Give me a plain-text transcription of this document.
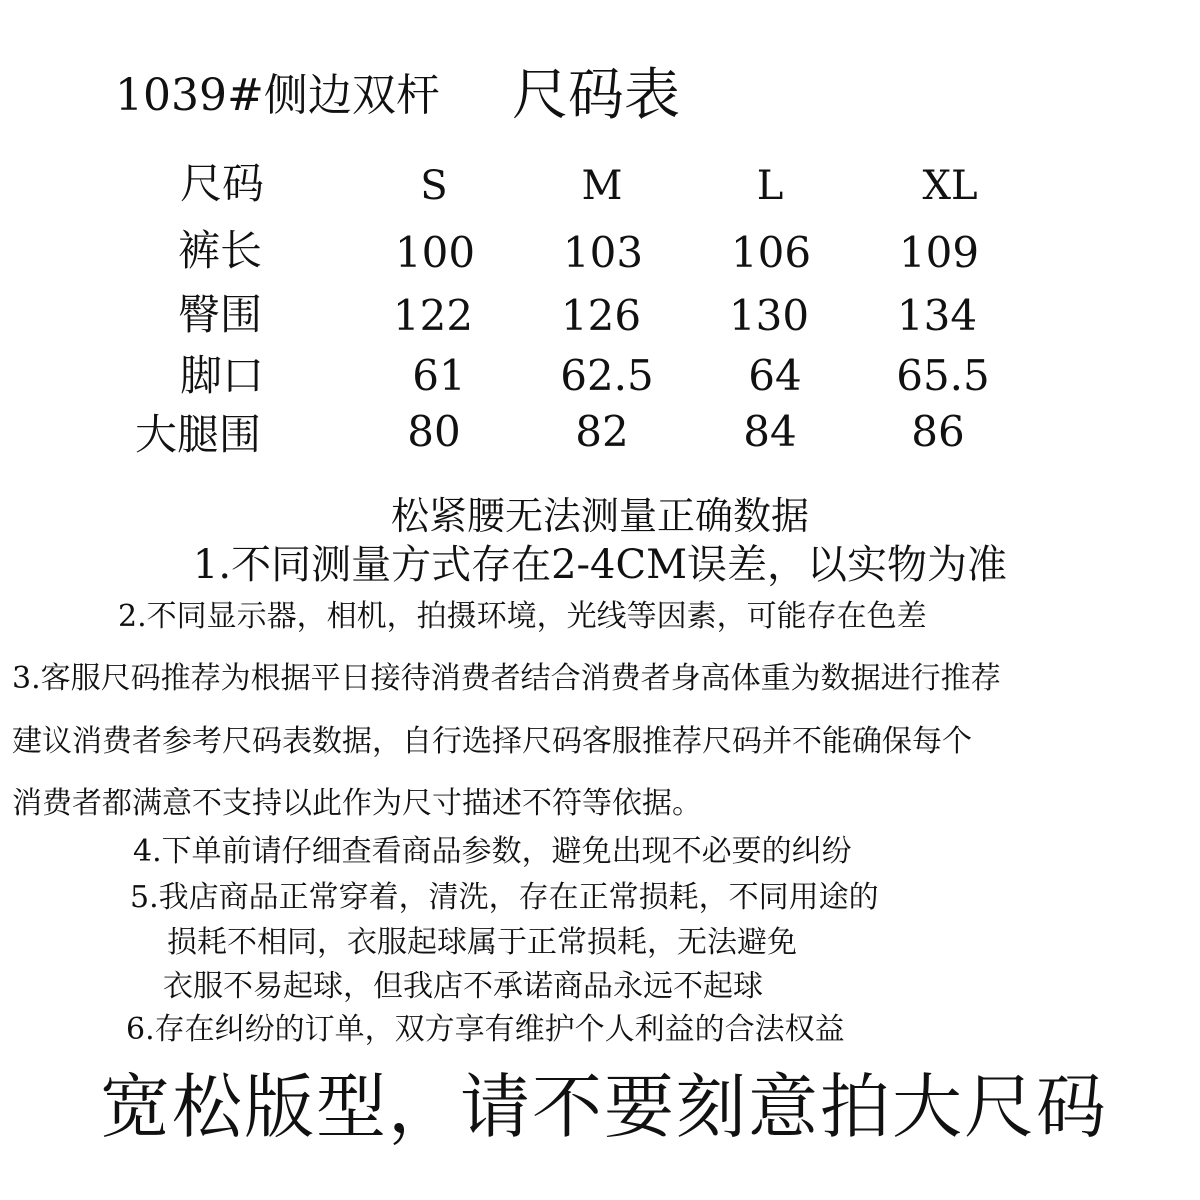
1039#侧边双杆 尺码表
尺码	S	M	L	XL
裤长	100	103	106	109
臀围	122	126	130	134
脚口	61	62.5	64	65.5
大腿围	80	82	84	86
松紧腰无法测量正确数据
1.不同测量方式存在2-4CM误差，以实物为准
2.不同显示器，相机，拍摄环境，光线等因素，可能存在色差
3.客服尺码推荐为根据平日接待消费者结合消费者身高体重为数据进行推荐
建议消费者参考尺码表数据，自行选择尺码客服推荐尺码并不能确保每个
消费者都满意不支持以此作为尺寸描述不符等依据。
4.下单前请仔细查看商品参数，避免出现不必要的纠纷
5.我店商品正常穿着，清洗，存在正常损耗，不同用途的
损耗不相同，衣服起球属于正常损耗，无法避免
衣服不易起球，但我店不承诺商品永远不起球
6.存在纠纷的订单，双方享有维护个人利益的合法权益
宽松版型，请不要刻意拍大尺码
